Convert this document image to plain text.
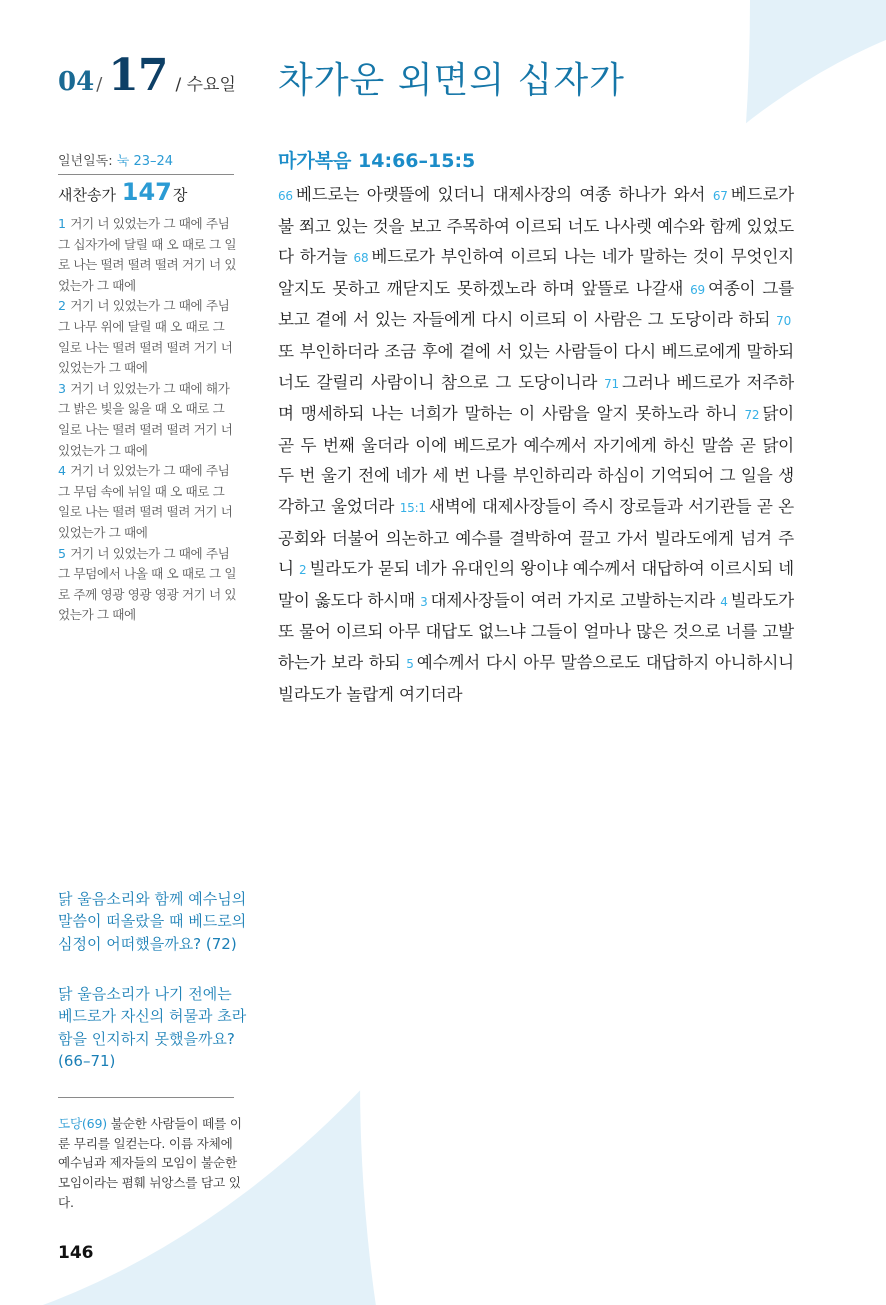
04 / 17 / 수요일 차가운 외면의 십자가
일년일독: 눅 23–24
새찬송가 147장
1 거기 너 있었는가 그 때에 주님 그 십자가에 달릴 때 오 때로 그 일로 나는 떨려 떨려 떨려 거기 너 있었는가 그 때에
2 거기 너 있었는가 그 때에 주님 그 나무 위에 달릴 때 오 때로 그 일로 나는 떨려 떨려 떨려 거기 너 있었는가 그 때에
3 거기 너 있었는가 그 때에 해가 그 밝은 빛을 잃을 때 오 때로 그 일로 나는 떨려 떨려 떨려 거기 너 있었는가 그 때에
4 거기 너 있었는가 그 때에 주님 그 무덤 속에 뉘일 때 오 때로 그 일로 나는 떨려 떨려 떨려 거기 너 있었는가 그 때에
5 거기 너 있었는가 그 때에 주님 그 무덤에서 나올 때 오 때로 그 일로 주께 영광 영광 영광 거기 너 있었는가 그 때에
마가복음 14:66–15:5
66 베드로는 아랫뜰에 있더니 대제사장의 여종 하나가 와서 67 베드로가 불 쬐고 있는 것을 보고 주목하여 이르되 너도 나사렛 예수와 함께 있었도다 하거늘 68 베드로가 부인하여 이르되 나는 네가 말하는 것이 무엇인지 알지도 못하고 깨닫지도 못하겠노라 하며 앞뜰로 나갈새 69 여종이 그를 보고 곁에 서 있는 자들에게 다시 이르되 이 사람은 그 도당이라 하되 70또 부인하더라 조금 후에 곁에 서 있는 사람들이 다시 베드로에게 말하되 너도 갈릴리 사람이니 참으로 그 도당이니라 71 그러나 베드로가 저주하며 맹세하되 나는 너희가 말하는 이 사람을 알지 못하노라 하니 72 닭이 곧 두 번째 울더라 이에 베드로가 예수께서 자기에게 하신 말씀 곧 닭이 두 번 울기 전에 네가 세 번 나를 부인하리라 하심이 기억되어 그 일을 생각하고 울었더라 15:1 새벽에 대제사장들이 즉시 장로들과 서기관들 곧 온 공회와 더불어 의논하고 예수를 결박하여 끌고 가서 빌라도에게 넘겨 주니 2 빌라도가 묻되 네가 유대인의 왕이냐 예수께서 대답하여 이르시되 네 말이 옳도다 하시매 3 대제사장들이 여러 가지로 고발하는지라 4 빌라도가 또 물어 이르되 아무 대답도 없느냐 그들이 얼마나 많은 것으로 너를 고발하는가 보라 하되 5 예수께서 다시 아무 말씀으로도 대답하지 아니하시니 빌라도가 놀랍게 여기더라
닭 울음소리와 함께 예수님의 말씀이 떠올랐을 때 베드로의 심정이 어떠했을까요? (72)
닭 울음소리가 나기 전에는 베드로가 자신의 허물과 초라함을 인지하지 못했을까요? (66–71)
도당(69) 불순한 사람들이 떼를 이룬 무리를 일컫는다. 이름 자체에 예수님과 제자들의 모임이 불순한 모임이라는 폄훼 뉘앙스를 담고 있다.
146
